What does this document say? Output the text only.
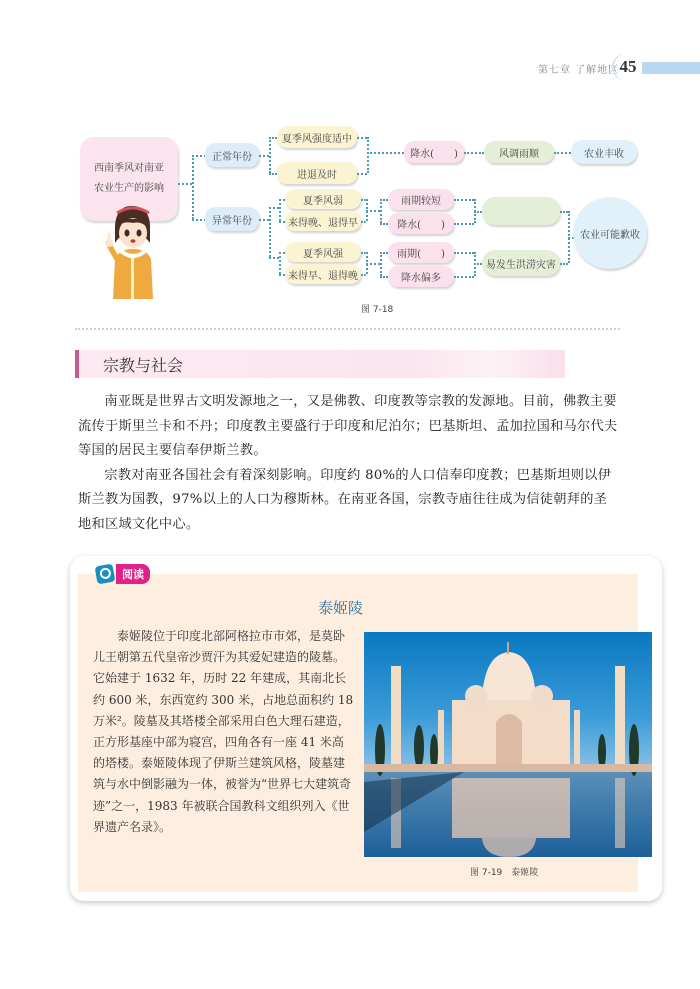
第七章 了解地区 45
西南季风对南亚
农业生产的影响
正常年份
异常年份
夏季风强度适中
进退及时
降水(　　)	风调雨顺	农业丰收
夏季风弱
来得晚、退得早
夏季风强
来得早、退得晚
雨期较短
降水(　　)
雨期(　　)
降水偏多
易发生洪涝灾害
农业可能歉收
图 7-18
宗教与社会

南亚既是世界古文明发源地之一，又是佛教、印度教等宗教的发源地。目前，佛教主要流传于斯里兰卡和不丹；印度教主要盛行于印度和尼泊尔；巴基斯坦、孟加拉国和马尔代夫等国的居民主要信奉伊斯兰教。

宗教对南亚各国社会有着深刻影响。印度约 80%的人口信奉印度教；巴基斯坦则以伊斯兰教为国教，97%以上的人口为穆斯林。在南亚各国，宗教寺庙往往成为信徒朝拜的圣地和区域文化中心。

阅读
泰姬陵

泰姬陵位于印度北部阿格拉市市郊，是莫卧儿王朝第五代皇帝沙贾汗为其爱妃建造的陵墓。它始建于 1632 年，历时 22 年建成，其南北长约 600 米，东西宽约 300 米，占地总面积约 18 万米²。陵墓及其塔楼全部采用白色大理石建造，正方形基座中部为寝宫，四角各有一座 41 米高的塔楼。泰姬陵体现了伊斯兰建筑风格，陵墓建筑与水中倒影融为一体，被誉为“世界七大建筑奇迹”之一，1983 年被联合国教科文组织列入《世界遗产名录》。

图 7-19　泰姬陵
